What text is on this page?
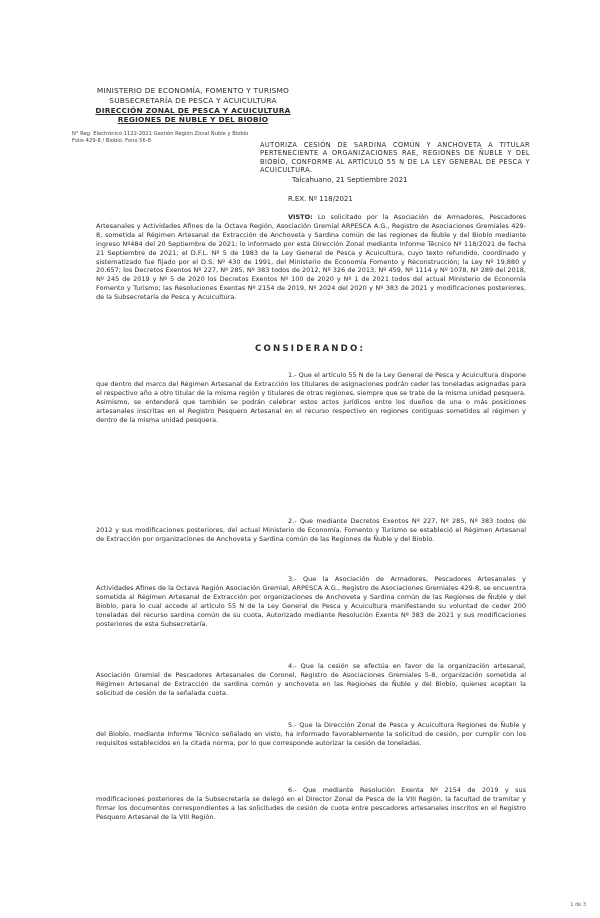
MINISTERIO DE ECONOMÍA, FOMENTO Y TURISMO
SUBSECRETARÍA DE PESCA Y ACUICULTURA
DIRECCIÓN ZONAL DE PESCA Y ACUICULTURA
REGIONES DE ÑUBLE Y DEL BIOBÍO
N° Reg. Electrónico 1122-2021 Gestión Región Zonal Ñuble y Biobío
Folio 429-8 / Biobío. Fono 56-8	AUTORIZA CESIÓN DE SARDINA COMÚN Y ANCHOVETA A TITULAR PERTENECIENTE A ORGANIZACIONES RAE, REGIONES DE ÑUBLE Y DEL BIOBÍO, CONFORME AL ARTÍCULO 55 N DE LA LEY GENERAL DE PESCA Y ACUICULTURA.
Talcahuano, 21 Septiembre 2021
R.EX. Nº 118/2021
VISTO: Lo solicitado por la Asociación de Armadores, Pescadores Artesanales y Actividades Afines de la Octava Región, Asociación Gremial ARPESCA A.G., Registro de Asociaciones Gremiales 429-8, sometida al Régimen Artesanal de Extracción de Anchoveta y Sardina común de las regiones de Ñuble y del Biobío mediante ingreso Nº484 del 20 Septiembre de 2021; lo informado por esta Dirección Zonal mediante Informe Técnico Nº 118/2021 de fecha 21 Septiembre de 2021; el D.F.L. Nº 5 de 1983 de la Ley General de Pesca y Acuicultura, cuyo texto refundido, coordinado y sistematizado fue fijado por el D.S. Nº 430 de 1991, del Ministerio de Economía Fomento y Reconstrucción; la Ley Nº 19.880 y 20.657; los Decretos Exentos Nº 227, Nº 285, Nº 383 todos de 2012, Nº 326 de 2013, Nº 459, Nº 1114 y Nº 1078, Nº 289 del 2018, Nº 245 de 2019 y Nº 5 de 2020 los Decretos Exentos Nº 100 de 2020 y Nº 1 de 2021 todos del actual Ministerio de Economía Fomento y Turismo; las Resoluciones Exentas Nº 2154 de 2019, Nº 2024 del 2020 y Nº 383 de 2021 y modificaciones posteriores, de la Subsecretaría de Pesca y Acuicultura.
CONSIDERANDO:
1.- Que el artículo 55 N de la Ley General de Pesca y Acuicultura dispone que dentro del marco del Régimen Artesanal de Extracción los titulares de asignaciones podrán ceder las toneladas asignadas para el respectivo año a otro titular de la misma región y titulares de otras regiones, siempre que se trate de la misma unidad pesquera. Asimismo, se entenderá que también se podrán celebrar estos actos jurídicos entre los dueños de una o más posiciones artesanales inscritas en el Registro Pesquero Artesanal en el recurso respectivo en regiones contiguas sometidos al régimen y dentro de la misma unidad pesquera.
2.- Que mediante Decretos Exentos Nº 227, Nº 285, Nº 383 todos de 2012 y sus modificaciones posteriores, del actual Ministerio de Economía, Fomento y Turismo se estableció el Régimen Artesanal de Extracción por organizaciones de Anchoveta y Sardina común de las Regiones de Ñuble y del Biobío.
3.- Que la Asociación de Armadores, Pescadores Artesanales y Actividades Afines de la Octava Región Asociación Gremial, ARPESCA A.G., Registro de Asociaciones Gremiales 429-8, se encuentra sometida al Régimen Artesanal de Extracción por organizaciones de Anchoveta y Sardina común de las Regiones de Ñuble y del Biobío, para lo cual accede al artículo 55 N de la Ley General de Pesca y Acuicultura manifestando su voluntad de ceder 200 toneladas del recurso sardina común de su cuota, Autorizado mediante Resolución Exenta Nº 383 de 2021 y sus modificaciones posteriores de esta Subsecretaría.
4.- Que la cesión se efectúa en favor de la organización artesanal, Asociación Gremial de Pescadores Artesanales de Coronel, Registro de Asociaciones Gremiales 5-8, organización sometida al Régimen Artesanal de Extracción de sardina común y anchoveta en las Regiones de Ñuble y del Biobío, quienes aceptan la solicitud de cesión de la señalada cuota.
5.- Que la Dirección Zonal de Pesca y Acuicultura Regiones de Ñuble y del Biobío, mediante Informe Técnico señalado en visto, ha informado favorablemente la solicitud de cesión, por cumplir con los requisitos establecidos en la citada norma, por lo que corresponde autorizar la cesión de toneladas.
6.- Que mediante Resolución Exenta Nº 2154 de 2019 y sus modificaciones posteriores de la Subsecretaría se delegó en el Director Zonal de Pesca de la VIII Región, la facultad de tramitar y firmar los documentos correspondientes a las solicitudes de cesión de cuota entre pescadores artesanales inscritos en el Registro Pesquero Artesanal de la VIII Región.
1 de 3
